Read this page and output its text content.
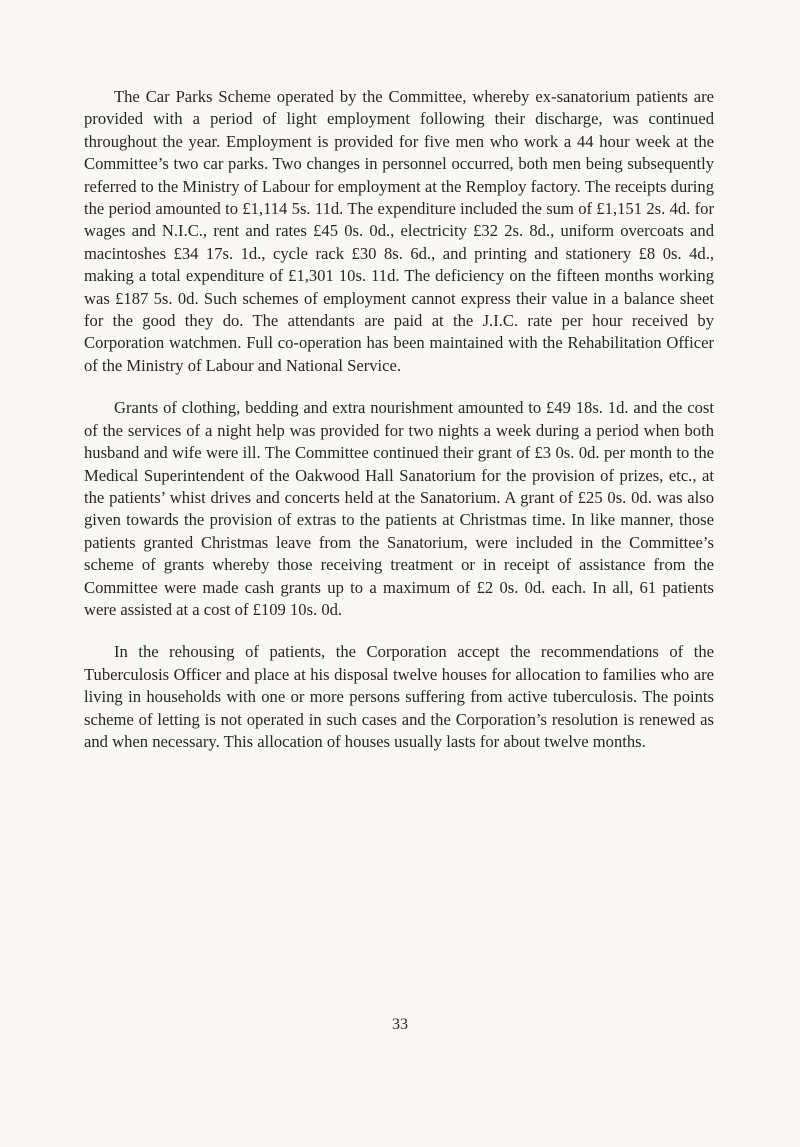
The Car Parks Scheme operated by the Committee, whereby ex-sanatorium patients are provided with a period of light employment following their discharge, was continued throughout the year. Employment is provided for five men who work a 44 hour week at the Committee’s two car parks. Two changes in personnel occurred, both men being subsequently referred to the Ministry of Labour for employment at the Remploy factory. The receipts during the period amounted to £1,114 5s. 11d. The expenditure included the sum of £1,151 2s. 4d. for wages and N.I.C., rent and rates £45 0s. 0d., electricity £32 2s. 8d., uniform overcoats and macintoshes £34 17s. 1d., cycle rack £30 8s. 6d., and printing and stationery £8 0s. 4d., making a total expenditure of £1,301 10s. 11d. The deficiency on the fifteen months working was £187 5s. 0d. Such schemes of employment cannot express their value in a balance sheet for the good they do. The attendants are paid at the J.I.C. rate per hour received by Corporation watchmen. Full co-operation has been maintained with the Rehabilitation Officer of the Ministry of Labour and National Service.

Grants of clothing, bedding and extra nourishment amounted to £49 18s. 1d. and the cost of the services of a night help was provided for two nights a week during a period when both husband and wife were ill. The Committee continued their grant of £3 0s. 0d. per month to the Medical Superintendent of the Oakwood Hall Sanatorium for the provision of prizes, etc., at the patients’ whist drives and concerts held at the Sanatorium. A grant of £25 0s. 0d. was also given towards the provision of extras to the patients at Christmas time. In like manner, those patients granted Christmas leave from the Sanatorium, were included in the Committee’s scheme of grants whereby those receiving treatment or in receipt of assistance from the Committee were made cash grants up to a maximum of £2 0s. 0d. each. In all, 61 patients were assisted at a cost of £109 10s. 0d.

In the rehousing of patients, the Corporation accept the recommendations of the Tuberculosis Officer and place at his disposal twelve houses for allocation to families who are living in households with one or more persons suffering from active tuberculosis. The points scheme of letting is not operated in such cases and the Corporation’s resolution is renewed as and when necessary. This allocation of houses usually lasts for about twelve months.

33
